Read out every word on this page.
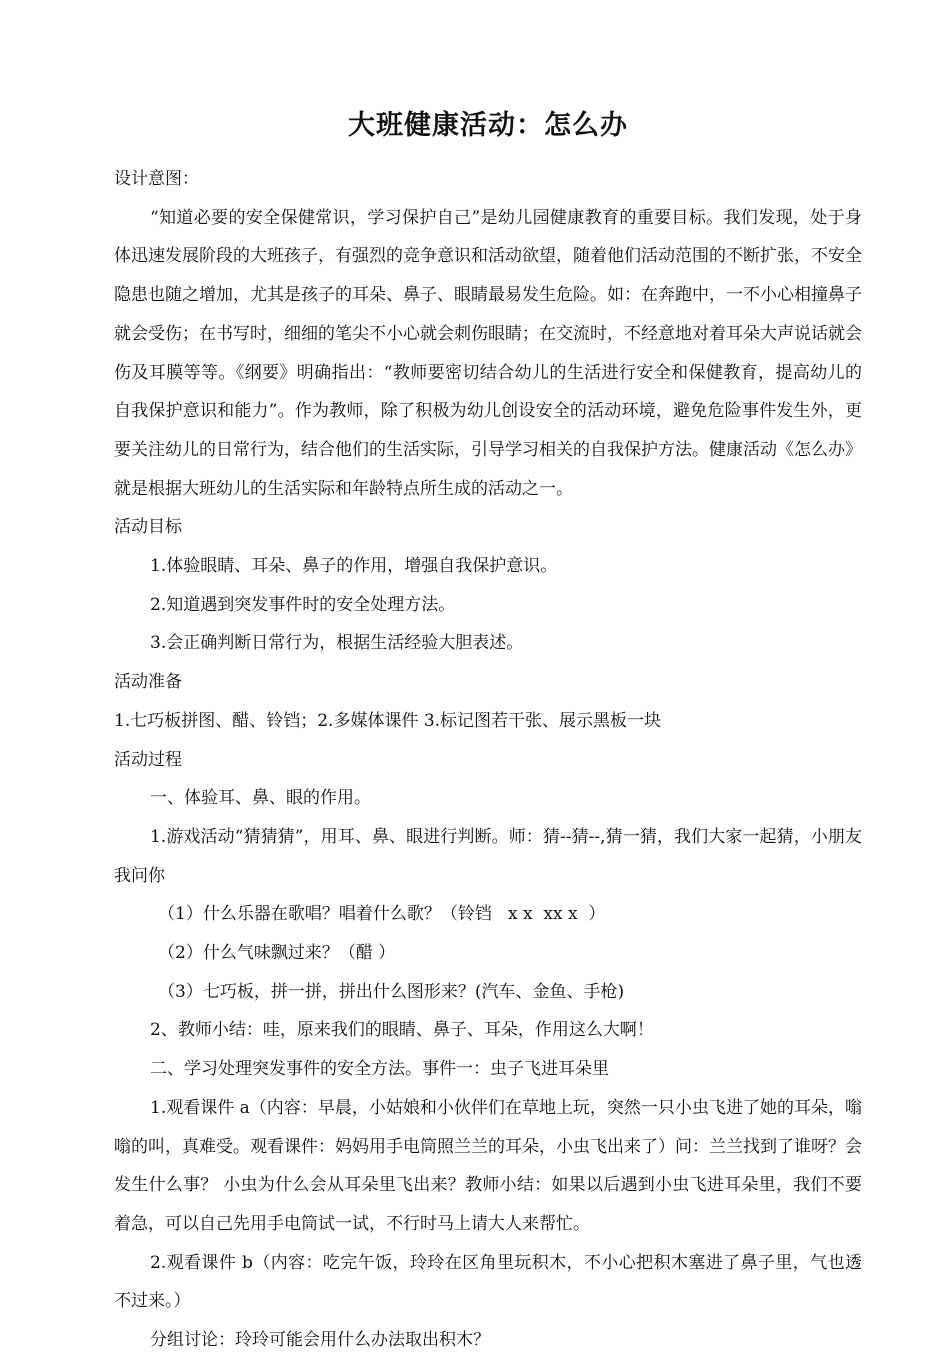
大班健康活动：怎么办

设计意图：

“知道必要的安全保健常识，学习保护自己”是幼儿园健康教育的重要目标。我们发现，处于身体迅速发展阶段的大班孩子，有强烈的竞争意识和活动欲望，随着他们活动范围的不断扩张，不安全隐患也随之增加，尤其是孩子的耳朵、鼻子、眼睛最易发生危险。如：在奔跑中，一不小心相撞鼻子就会受伤；在书写时，细细的笔尖不小心就会刺伤眼睛；在交流时，不经意地对着耳朵大声说话就会伤及耳膜等等。《纲要》明确指出：“教师要密切结合幼儿的生活进行安全和保健教育，提高幼儿的自我保护意识和能力”。作为教师，除了积极为幼儿创设安全的活动环境，避免危险事件发生外，更要关注幼儿的日常行为，结合他们的生活实际，引导学习相关的自我保护方法。健康活动《怎么办》就是根据大班幼儿的生活实际和年龄特点所生成的活动之一。

活动目标

1.体验眼睛、耳朵、鼻子的作用，增强自我保护意识。

2.知道遇到突发事件时的安全处理方法。

3.会正确判断日常行为，根据生活经验大胆表述。

活动准备

1.七巧板拼图、醋、铃铛；2.多媒体课件 3.标记图若干张、展示黑板一块

活动过程

一、体验耳、鼻、眼的作用。

1.游戏活动“猜猜猜”，用耳、鼻、眼进行判断。师：猜--猜--,猜一猜，我们大家一起猜，小朋友我问你

（1）什么乐器在歌唱？唱着什么歌？（铃铛   x x  xx x  ）

（2）什么气味飘过来？（醋 ）

（3）七巧板，拼一拼，拼出什么图形来？(汽车、金鱼、手枪)

2、教师小结：哇，原来我们的眼睛、鼻子、耳朵，作用这么大啊！

二、学习处理突发事件的安全方法。事件一：虫子飞进耳朵里

1.观看课件 a（内容：早晨，小姑娘和小伙伴们在草地上玩，突然一只小虫飞进了她的耳朵，嗡嗡的叫，真难受。观看课件：妈妈用手电筒照兰兰的耳朵，小虫飞出来了）问：兰兰找到了谁呀？会发生什么事？ 小虫为什么会从耳朵里飞出来？教师小结：如果以后遇到小虫飞进耳朵里，我们不要着急，可以自己先用手电筒试一试，不行时马上请大人来帮忙。

2.观看课件 b（内容：吃完午饭，玲玲在区角里玩积木，不小心把积木塞进了鼻子里，气也透不过来。）

分组讨论：玲玲可能会用什么办法取出积木？
